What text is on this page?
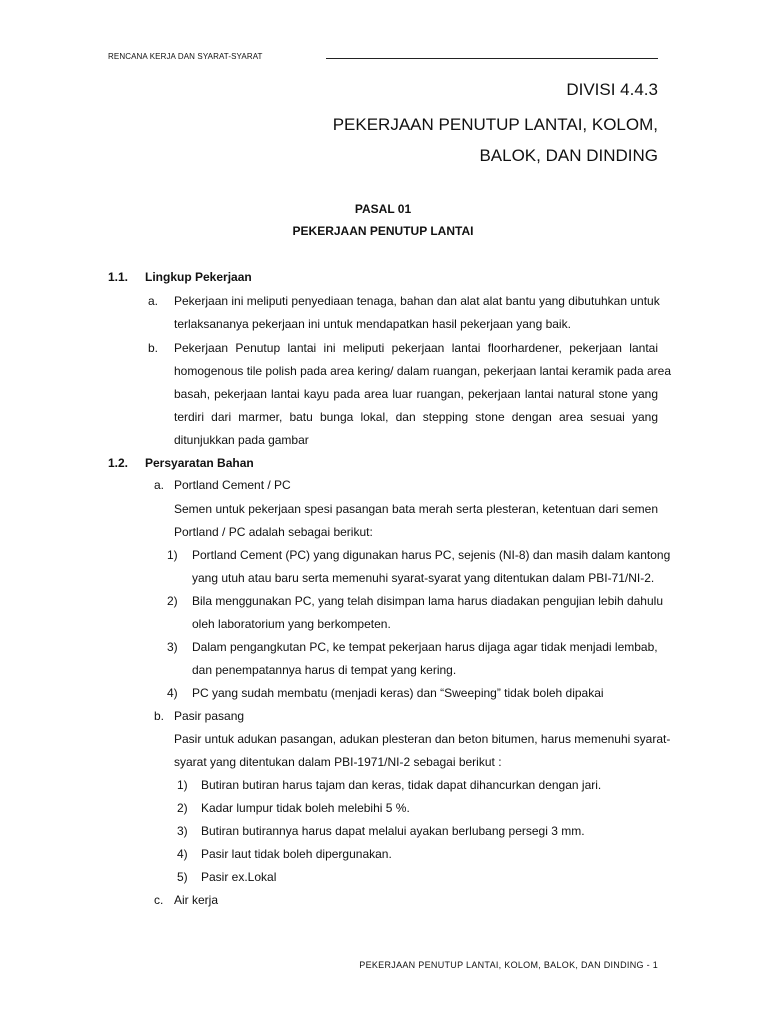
RENCANA KERJA DAN SYARAT-SYARAT
DIVISI 4.4.3
PEKERJAAN PENUTUP LANTAI, KOLOM,
BALOK, DAN DINDING
PASAL 01
PEKERJAAN PENUTUP LANTAI
1.1. Lingkup Pekerjaan
a. Pekerjaan ini meliputi penyediaan tenaga, bahan dan alat alat bantu yang dibutuhkan untuk
terlaksananya pekerjaan ini untuk mendapatkan hasil pekerjaan yang baik.
b. Pekerjaan Penutup lantai ini meliputi pekerjaan lantai floorhardener, pekerjaan lantai
homogenous tile polish pada area kering/ dalam ruangan, pekerjaan lantai keramik pada area
basah, pekerjaan lantai kayu pada area luar ruangan, pekerjaan lantai natural stone yang
terdiri dari marmer, batu bunga lokal, dan stepping stone dengan area sesuai yang
ditunjukkan pada gambar
1.2. Persyaratan Bahan
a. Portland Cement / PC
Semen untuk pekerjaan spesi pasangan bata merah serta plesteran, ketentuan dari semen
Portland / PC adalah sebagai berikut:
1) Portland Cement (PC) yang digunakan harus PC, sejenis (NI-8) dan masih dalam kantong
yang utuh atau baru serta memenuhi syarat-syarat yang ditentukan dalam PBI-71/NI-2.
2) Bila menggunakan PC, yang telah disimpan lama harus diadakan pengujian lebih dahulu
oleh laboratorium yang berkompeten.
3) Dalam pengangkutan PC, ke tempat pekerjaan harus dijaga agar tidak menjadi lembab,
dan penempatannya harus di tempat yang kering.
4) PC yang sudah membatu (menjadi keras) dan “Sweeping” tidak boleh dipakai
b. Pasir pasang
Pasir untuk adukan pasangan, adukan plesteran dan beton bitumen, harus memenuhi syarat-
syarat yang ditentukan dalam PBI-1971/NI-2 sebagai berikut :
1) Butiran butiran harus tajam dan keras, tidak dapat dihancurkan dengan jari.
2) Kadar lumpur tidak boleh melebihi 5 %.
3) Butiran butirannya harus dapat melalui ayakan berlubang persegi 3 mm.
4) Pasir laut tidak boleh dipergunakan.
5) Pasir ex.Lokal
c. Air kerja
PEKERJAAN PENUTUP LANTAI, KOLOM, BALOK, DAN DINDING - 1
